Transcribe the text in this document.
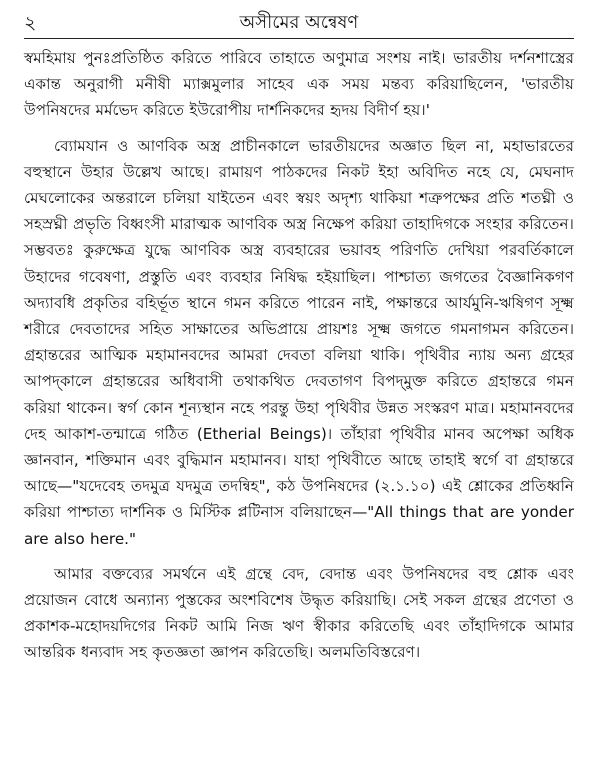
২	অসীমের অন্বেষণ

স্বমহিমায় পুনঃপ্রতিষ্ঠিত করিতে পারিবে তাহাতে অণুমাত্র সংশয় নাই। ভারতীয় দর্শনশাস্ত্রের একান্ত অনুরাগী মনীষী ম্যাক্সমুলার সাহেব এক সময় মন্তব্য করিয়াছিলেন, 'ভারতীয় উপনিষদের মর্মভেদ করিতে ইউরোপীয় দার্শনিকদের হৃদয় বিদীর্ণ হয়।'

ব্যোমযান ও আণবিক অস্ত্র প্রাচীনকালে ভারতীয়দের অজ্ঞাত ছিল না, মহাভারতের বহুস্থানে উহার উল্লেখ আছে। রামায়ণ পাঠকদের নিকট ইহা অবিদিত নহে যে, মেঘনাদ মেঘলোকের অন্তরালে চলিয়া যাইতেন এবং স্বয়ং অদৃশ্য থাকিয়া শত্রুপক্ষের প্রতি শতঘ্নী ও সহস্রঘ্নী প্রভৃতি বিধ্বংসী মারাত্মক আণবিক অস্ত্র নিক্ষেপ করিয়া তাহাদিগকে সংহার করিতেন। সম্ভবতঃ কুরুক্ষেত্র যুদ্ধে আণবিক অস্ত্র ব্যবহারের ভয়াবহ পরিণতি দেখিয়া পরবর্তিকালে উহাদের গবেষণা, প্রস্তুতি এবং ব্যবহার নিষিদ্ধ হইয়াছিল। পাশ্চাত্য জগতের বৈজ্ঞানিকগণ অদ্যাবধি প্রকৃতির বহির্ভূত স্থানে গমন করিতে পারেন নাই, পক্ষান্তরে আর্যমুনি-ঋষিগণ সূক্ষ্ম শরীরে দেবতাদের সহিত সাক্ষাতের অভিপ্রায়ে প্রায়শঃ সূক্ষ্ম জগতে গমনাগমন করিতেন। গ্রহান্তরের আত্মিক মহামানবদের আমরা দেবতা বলিয়া থাকি। পৃথিবীর ন্যায় অন্য গ্রহের আপদ্‌কালে গ্রহান্তরের অধিবাসী তথাকথিত দেবতাগণ বিপদ্‌মুক্ত করিতে গ্রহান্তরে গমন করিয়া থাকেন। স্বর্গ কোন শূন্যস্থান নহে পরন্তু উহা পৃথিবীর উন্নত সংস্করণ মাত্র। মহামানবদের দেহ আকাশ-তন্মাত্রে গঠিত (Etherial Beings)। তাঁহারা পৃথিবীর মানব অপেক্ষা অধিক জ্ঞানবান, শক্তিমান এবং বুদ্ধিমান মহামানব। যাহা পৃথিবীতে আছে তাহাই স্বর্গে বা গ্রহান্তরে আছে—"যদেবেহ তদমুত্র যদমুত্র তদন্বিহ", কঠ উপনিষদের (২.১.১০) এই শ্লোকের প্রতিধ্বনি করিয়া পাশ্চাত্য দার্শনিক ও মিস্টিক প্লটিনাস বলিয়াছেন—"All things that are yonder are also here."

আমার বক্তব্যের সমর্থনে এই গ্রন্থে বেদ, বেদান্ত এবং উপনিষদের বহু শ্লোক এবং প্রয়োজন বোধে অন্যান্য পুস্তকের অংশবিশেষ উদ্ধৃত করিয়াছি। সেই সকল গ্রন্থের প্রণেতা ও প্রকাশক-মহোদয়দিগের নিকট আমি নিজ ঋণ স্বীকার করিতেছি এবং তাঁহাদিগকে আমার আন্তরিক ধন্যবাদ সহ কৃতজ্ঞতা জ্ঞাপন করিতেছি। অলমতিবিস্তরেণ।
